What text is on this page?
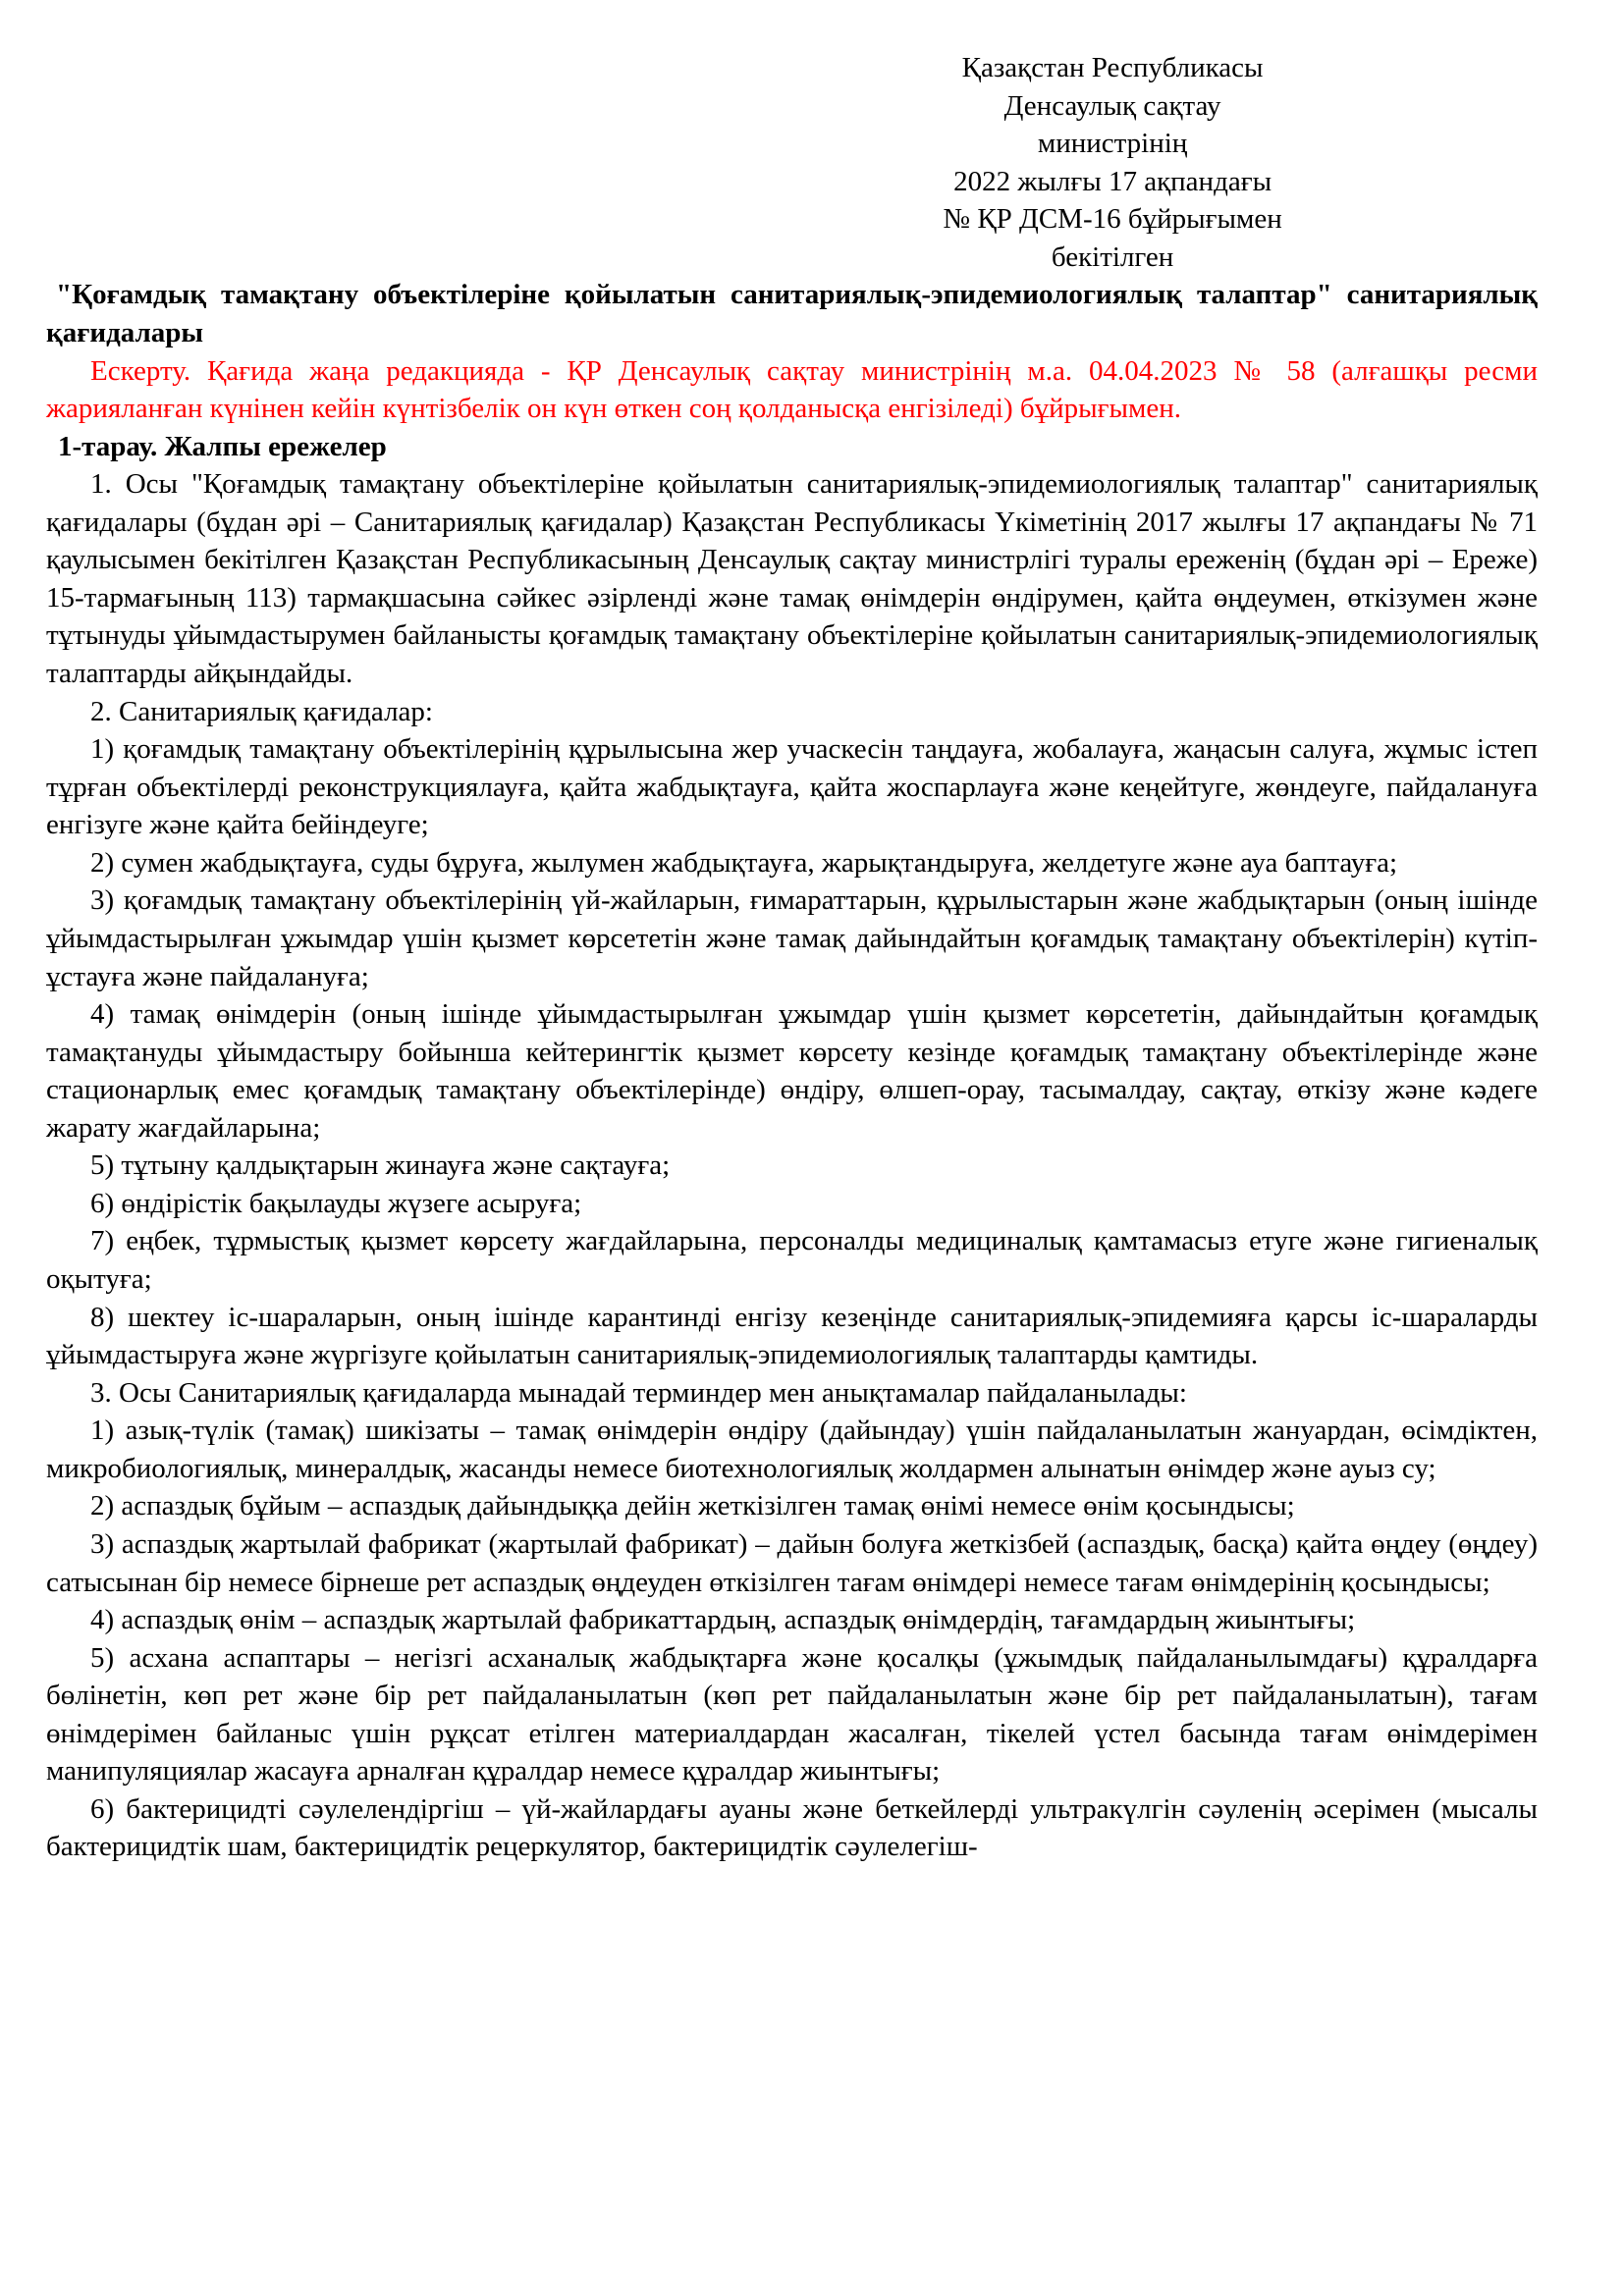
Қазақстан Республикасы
Денсаулық сақтау
министрінің
2022 жылғы 17 ақпандағы
№ ҚР ДСМ-16 бұйрығымен
бекітілген
"Қоғамдық тамақтану объектілеріне қойылатын санитариялық-эпидемиологиялық талаптар" санитариялық қағидалары

Ескерту. Қағида жаңа редакцияда - ҚР Денсаулық сақтау министрінің м.а. 04.04.2023 № 58 (алғашқы ресми жарияланған күнінен кейін күнтізбелік он күн өткен соң қолданысқа енгізіледі) бұйрығымен.

1-тарау. Жалпы ережелер

1. Осы "Қоғамдық тамақтану объектілеріне қойылатын санитариялық-эпидемиологиялық талаптар" санитариялық қағидалары (бұдан әрі – Санитариялық қағидалар) Қазақстан Республикасы Үкіметінің 2017 жылғы 17 ақпандағы № 71 қаулысымен бекітілген Қазақстан Республикасының Денсаулық сақтау министрлігі туралы ереженің (бұдан әрі – Ереже) 15-тармағының 113) тармақшасына сәйкес әзірленді және тамақ өнімдерін өндірумен, қайта өңдеумен, өткізумен және тұтынуды ұйымдастырумен байланысты қоғамдық тамақтану объектілеріне қойылатын санитариялық-эпидемиологиялық талаптарды айқындайды.

2. Санитариялық қағидалар:

1) қоғамдық тамақтану объектілерінің құрылысына жер учаскесін таңдауға, жобалауға, жаңасын салуға, жұмыс істеп тұрған объектілерді реконструкциялауға, қайта жабдықтауға, қайта жоспарлауға және кеңейтуге, жөндеуге, пайдалануға енгізуге және қайта бейіндеуге;

2) сумен жабдықтауға, суды бұруға, жылумен жабдықтауға, жарықтандыруға, желдетуге және ауа баптауға;

3) қоғамдық тамақтану объектілерінің үй-жайларын, ғимараттарын, құрылыстарын және жабдықтарын (оның ішінде ұйымдастырылған ұжымдар үшін қызмет көрсететін және тамақ дайындайтын қоғамдық тамақтану объектілерін) күтіп-ұстауға және пайдалануға;

4) тамақ өнімдерін (оның ішінде ұйымдастырылған ұжымдар үшін қызмет көрсететін, дайындайтын қоғамдық тамақтануды ұйымдастыру бойынша кейтерингтік қызмет көрсету кезінде қоғамдық тамақтану объектілерінде және стационарлық емес қоғамдық тамақтану объектілерінде) өндіру, өлшеп-орау, тасымалдау, сақтау, өткізу және кәдеге жарату жағдайларына;

5) тұтыну қалдықтарын жинауға және сақтауға;

6) өндірістік бақылауды жүзеге асыруға;

7) еңбек, тұрмыстық қызмет көрсету жағдайларына, персоналды медициналық қамтамасыз етуге және гигиеналық оқытуға;

8) шектеу іс-шараларын, оның ішінде карантинді енгізу кезеңінде санитариялық-эпидемияға қарсы іс-шараларды ұйымдастыруға және жүргізуге қойылатын санитариялық-эпидемиологиялық талаптарды қамтиды.

3. Осы Санитариялық қағидаларда мынадай терминдер мен анықтамалар пайдаланылады:

1) азық-түлік (тамақ) шикізаты – тамақ өнімдерін өндіру (дайындау) үшін пайдаланылатын жануардан, өсімдіктен, микробиологиялық, минералдық, жасанды немесе биотехнологиялық жолдармен алынатын өнімдер және ауыз су;

2) аспаздық бұйым – аспаздық дайындыққа дейін жеткізілген тамақ өнімі немесе өнім қосындысы;

3) аспаздық жартылай фабрикат (жартылай фабрикат) – дайын болуға жеткізбей (аспаздық, басқа) қайта өңдеу (өңдеу) сатысынан бір немесе бірнеше рет аспаздық өңдеуден өткізілген тағам өнімдері немесе тағам өнімдерінің қосындысы;

4) аспаздық өнім – аспаздық жартылай фабрикаттардың, аспаздық өнімдердің, тағамдардың жиынтығы;

5) асхана аспаптары – негізгі асханалық жабдықтарға және қосалқы (ұжымдық пайдаланылымдағы) құралдарға бөлінетін, көп рет және бір рет пайдаланылатын (көп рет пайдаланылатын және бір рет пайдаланылатын), тағам өнімдерімен байланыс үшін рұқсат етілген материалдардан жасалған, тікелей үстел басында тағам өнімдерімен манипуляциялар жасауға арналған құралдар немесе құралдар жиынтығы;

6) бактерицидті сәулелендіргіш – үй-жайлардағы ауаны және беткейлерді ультракүлгін сәуленің әсерімен (мысалы бактерицидтік шам, бактерицидтік рецеркулятор, бактерицидтік сәулелегіш-
